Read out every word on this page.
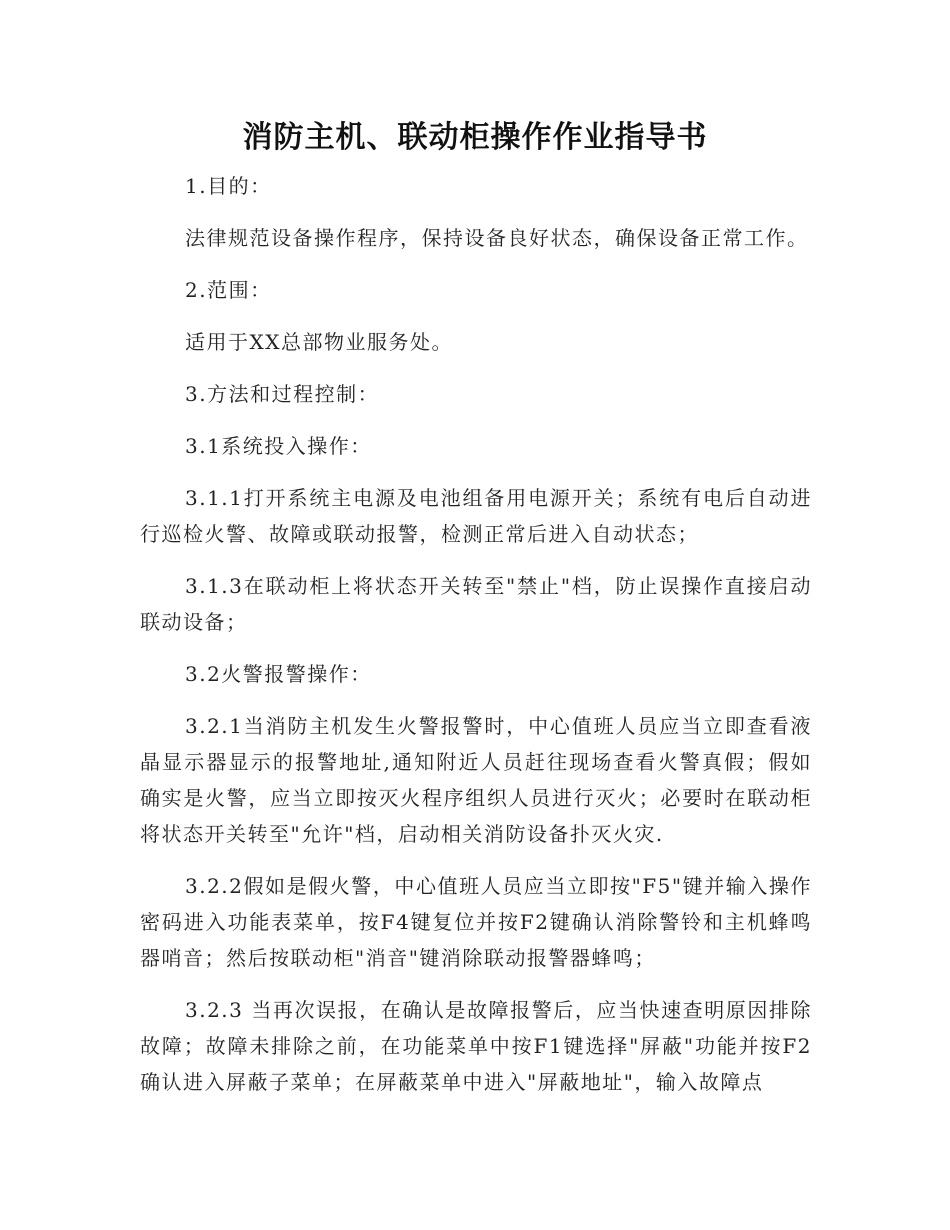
消防主机、联动柜操作作业指导书

1.目的：

法律规范设备操作程序，保持设备良好状态，确保设备正常工作。

2.范围：

适用于XX总部物业服务处。

3.方法和过程控制：

3.1系统投入操作：

3.1.1打开系统主电源及电池组备用电源开关；系统有电后自动进行巡检火警、故障或联动报警，检测正常后进入自动状态；

3.1.3在联动柜上将状态开关转至"禁止"档，防止误操作直接启动联动设备；

3.2火警报警操作：

3.2.1当消防主机发生火警报警时，中心值班人员应当立即查看液晶显示器显示的报警地址,通知附近人员赶往现场查看火警真假；假如确实是火警，应当立即按灭火程序组织人员进行灭火；必要时在联动柜将状态开关转至"允许"档，启动相关消防设备扑灭火灾.

3.2.2假如是假火警，中心值班人员应当立即按"F5"键并输入操作密码进入功能表菜单，按F4键复位并按F2键确认消除警铃和主机蜂鸣器哨音；然后按联动柜"消音"键消除联动报警器蜂鸣；

3.2.3 当再次误报，在确认是故障报警后，应当快速查明原因排除故障；故障未排除之前，在功能菜单中按F1键选择"屏蔽"功能并按F2确认进入屏蔽子菜单；在屏蔽菜单中进入"屏蔽地址"，输入故障点
